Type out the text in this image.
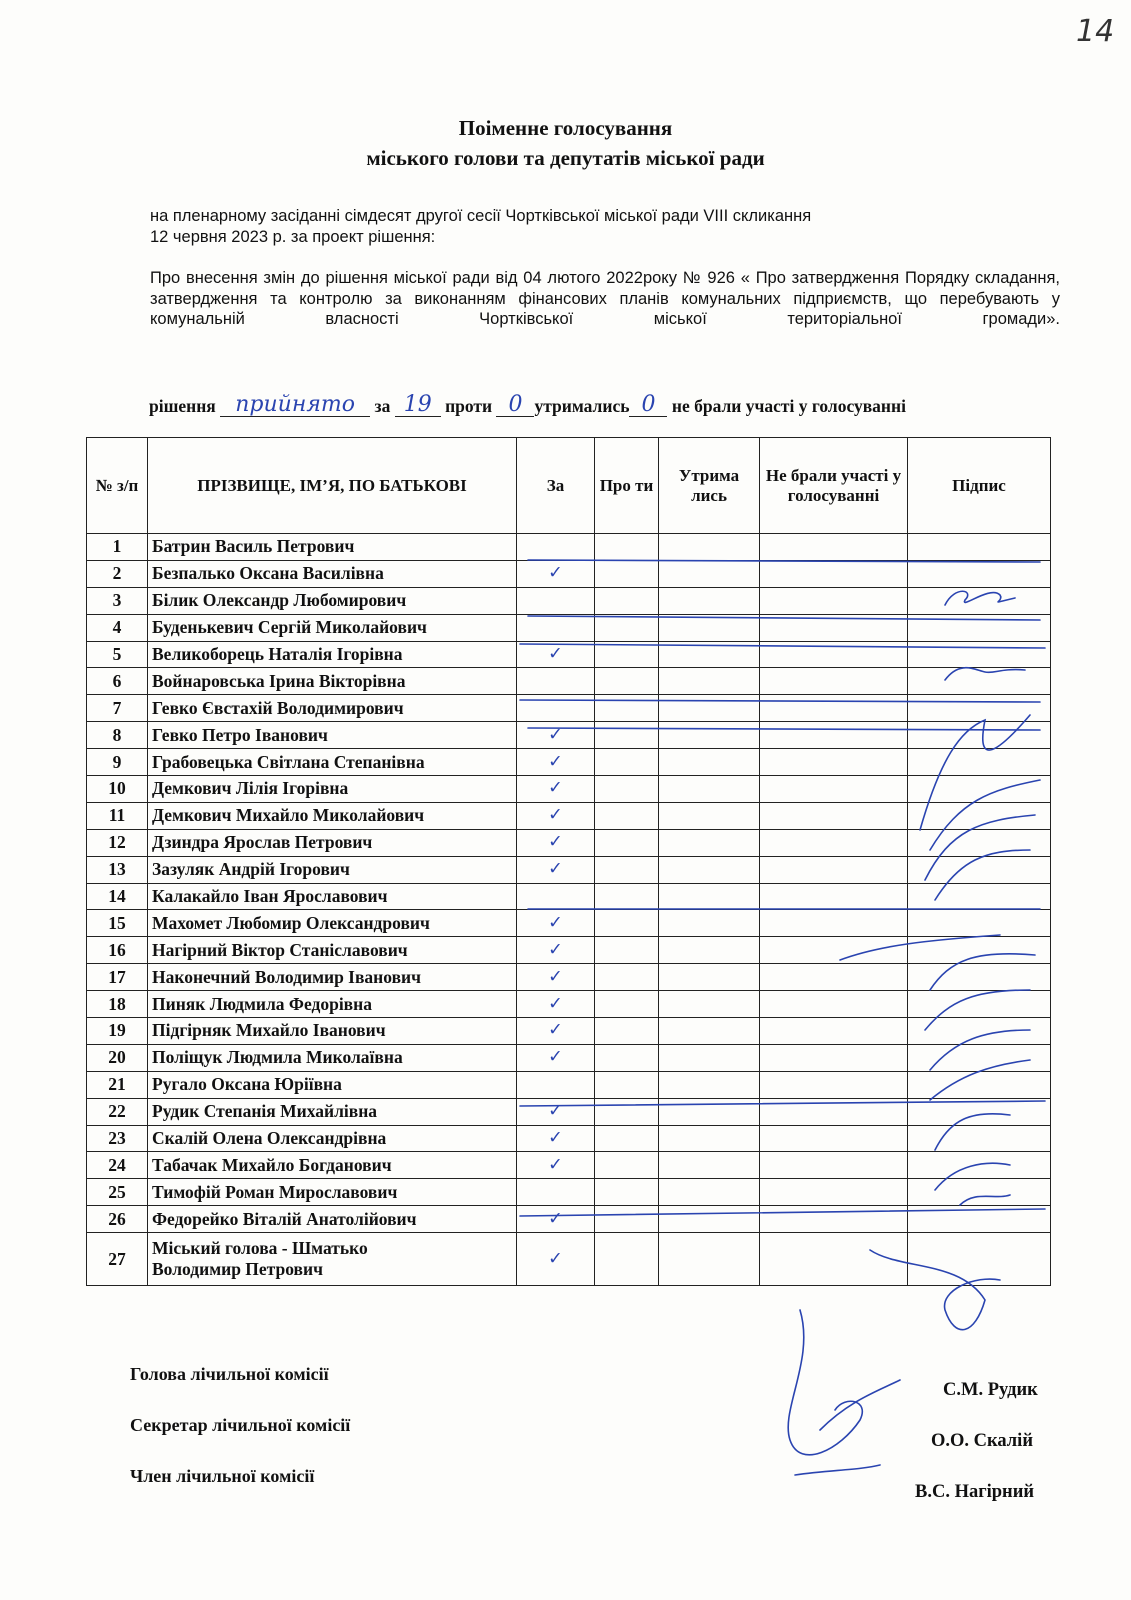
14
Поіменне голосування
міського голови та депутатів міської ради
на пленарному засіданні сімдесят другої сесії Чортківської міської ради VIII скликання
12 червня 2023 р. за проект рішення:
Про внесення змін до рішення міської ради від 04 лютого 2022року № 926 « Про затвердження Порядку складання, затвердження та контролю за виконанням фінансових планів комунальних підприємств, що перебувають у комунальній власності Чортківської міської територіальної громади».
рішення прийнято за 19 проти 0 утримались 0 не брали участі у голосуванні
№ з/п	ПРІЗВИЩЕ, ІМ’Я, ПО БАТЬКОВІ	За	Про ти	Утрима лись	Не брали участі у голосуванні	Підпис
1	Батрин Василь Петрович					
2	Безпалько Оксана Василівна	✓				
3	Білик Олександр Любомирович					
4	Буденькевич Сергій Миколайович					
5	Великоборець Наталія Ігорівна	✓				
6	Войнаровська Ірина Вікторівна					
7	Гевко Євстахій Володимирович					
8	Гевко Петро Іванович	✓				
9	Грабовецька Світлана Степанівна	✓				
10	Демкович Лілія Ігорівна	✓				
11	Демкович Михайло Миколайович	✓				
12	Дзиндра Ярослав Петрович	✓				
13	Зазуляк Андрій Ігорович	✓				
14	Калакайло Іван Ярославович					
15	Махомет Любомир Олександрович	✓				
16	Нагірний Віктор Станіславович	✓				
17	Наконечний Володимир Іванович	✓				
18	Пиняк Людмила Федорівна	✓				
19	Підгірняк Михайло Іванович	✓				
20	Поліщук Людмила Миколаївна	✓				
21	Ругало Оксана Юріївна					
22	Рудик Степанія Михайлівна	✓				
23	Скалій Олена Олександрівна	✓				
24	Табачак Михайло Богданович	✓				
25	Тимофій Роман Мирославович					
26	Федорейко Віталій Анатолійович	✓				
27	Міський голова - Шматько
Володимир Петрович	✓				
Голова лічильної комісії
Секретар лічильної комісії
Член лічильної комісії
С.М. Рудик
О.О. Скалій
В.С. Нагірний
